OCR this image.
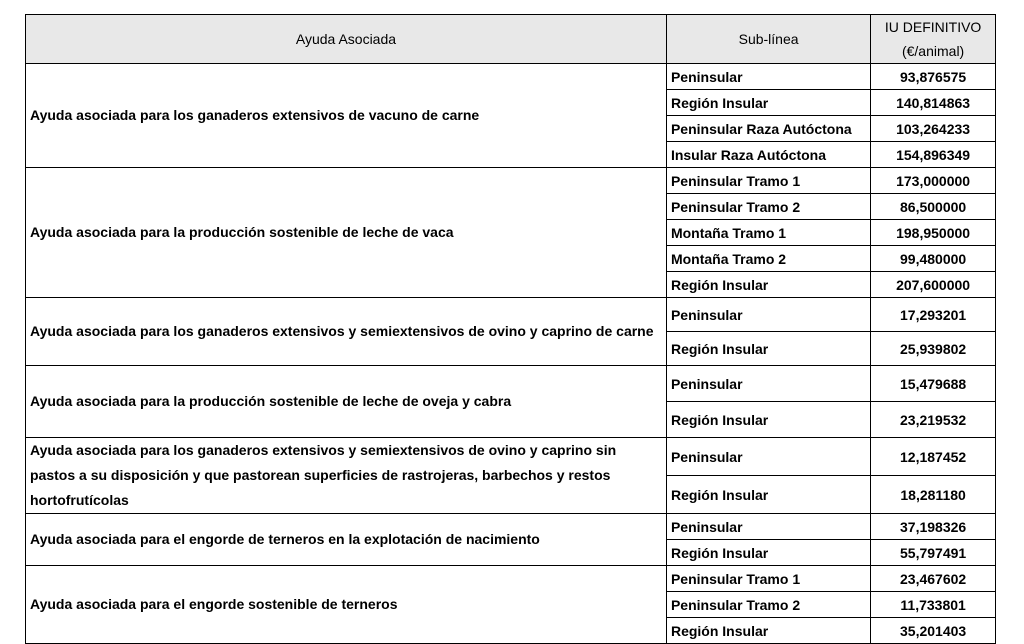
Ayuda Asociada	Sub-línea	IU DEFINITIVO
(€/animal)

Ayuda asociada para los ganaderos extensivos de vacuno de carne	Peninsular	93,876575
	Región Insular	140,814863
	Peninsular Raza Autóctona	103,264233
	Insular Raza Autóctona	154,896349
Ayuda asociada para la producción sostenible de leche de vaca	Peninsular Tramo 1	173,000000
	Peninsular Tramo 2	86,500000
	Montaña Tramo 1	198,950000
	Montaña Tramo 2	99,480000
	Región Insular	207,600000
Ayuda asociada para los ganaderos extensivos y semiextensivos de ovino y caprino de carne	Peninsular	17,293201
	Región Insular	25,939802
Ayuda asociada para la producción sostenible de leche de oveja y cabra	Peninsular	15,479688
	Región Insular	23,219532
Ayuda asociada para los ganaderos extensivos y semiextensivos de ovino y caprino sin pastos a su disposición y que pastorean superficies de rastrojeras, barbechos y restos hortofrutícolas	Peninsular	12,187452
	Región Insular	18,281180
Ayuda asociada para el engorde de terneros en la explotación de nacimiento	Peninsular	37,198326
	Región Insular	55,797491
Ayuda asociada para el engorde sostenible de terneros	Peninsular Tramo 1	23,467602
	Peninsular Tramo 2	11,733801
	Región Insular	35,201403
